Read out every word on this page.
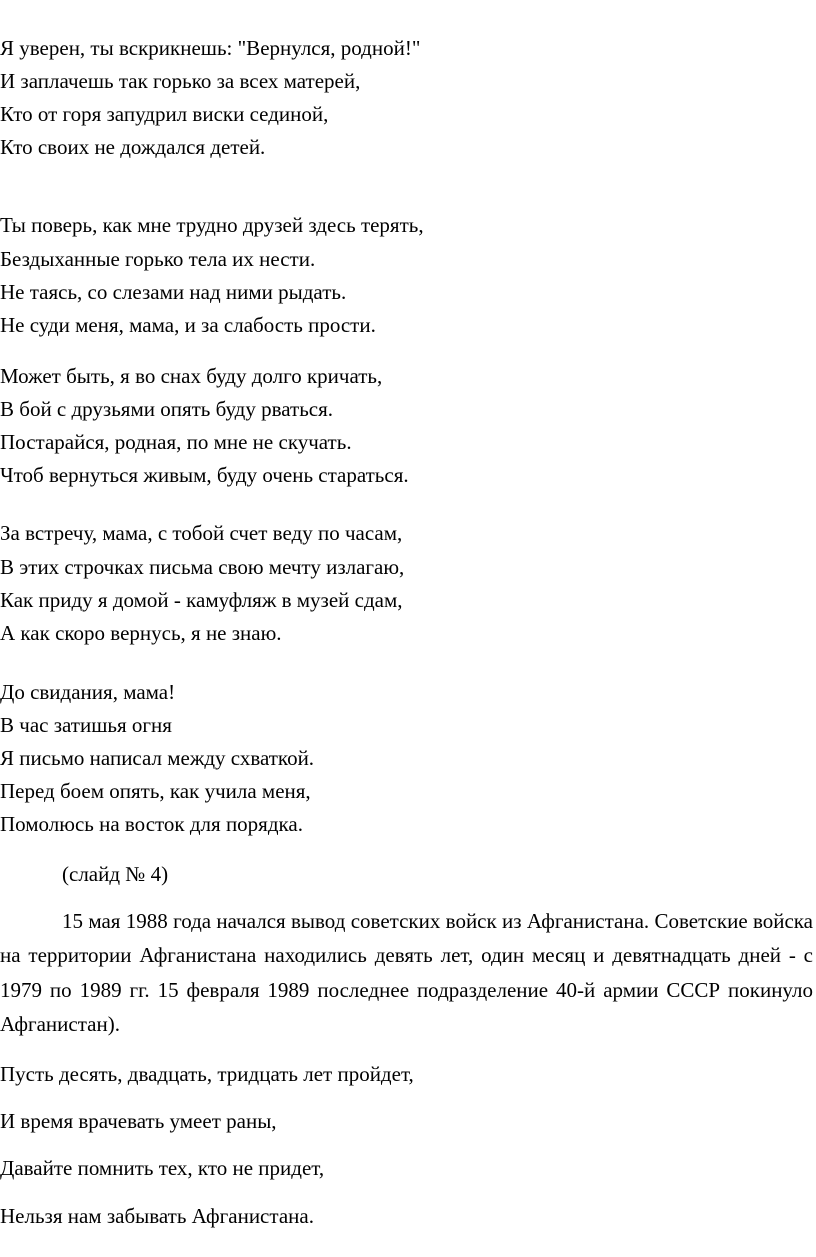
Я уверен, ты вскрикнешь: "Вернулся, родной!"
И заплачешь так горько за всех матерей,
Кто от горя запудрил виски сединой,
Кто своих не дождался детей.
Ты поверь, как мне трудно друзей здесь терять,
Бездыханные горько тела их нести.
Не таясь, со слезами над ними рыдать.
Не суди меня, мама, и за слабость прости.
Может быть, я во снах буду долго кричать,
В бой с друзьями опять буду рваться.
Постарайся, родная, по мне не скучать.
Чтоб вернуться живым, буду очень стараться.
За встречу, мама, с тобой счет веду по часам,
В этих строчках письма свою мечту излагаю,
Как приду я домой - камуфляж в музей сдам,
А как скоро вернусь, я не знаю.
До свидания, мама!
В час затишья огня
Я письмо написал между схваткой.
Перед боем опять, как учила меня,
Помолюсь на восток для порядка.
(слайд № 4)
15 мая 1988 года начался вывод советских войск из Афганистана. Советские войска на территории Афганистана находились девять лет, один месяц и девятнадцать дней - с 1979 по 1989 гг. 15 февраля 1989 последнее подразделение 40-й армии СССР покинуло Афганистан).
Пусть десять, двадцать, тридцать лет пройдет,
И время врачевать умеет раны,
Давайте помнить тех, кто не придет,
Нельзя нам забывать Афганистана.
